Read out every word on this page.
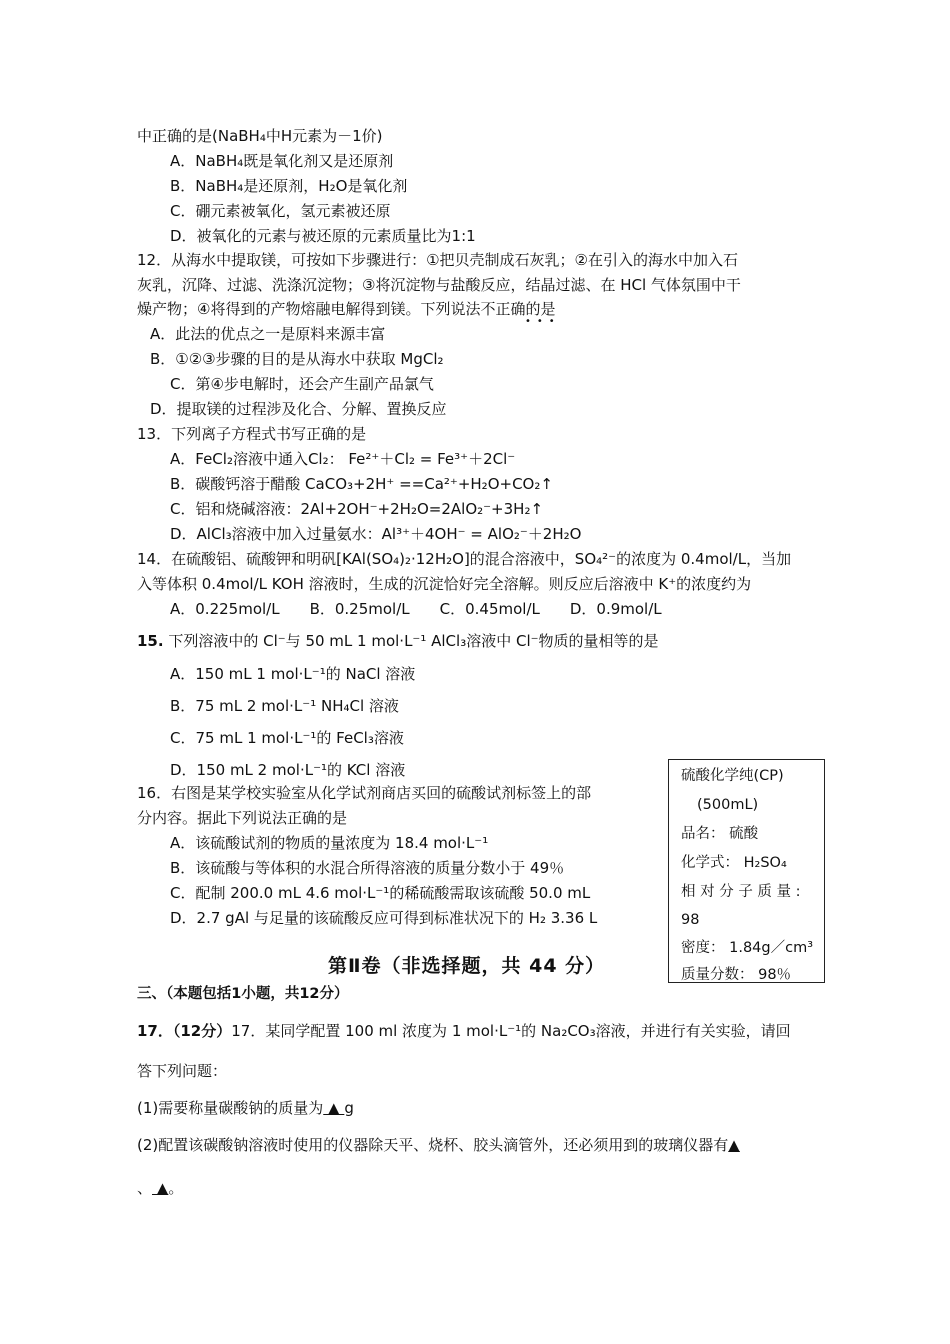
中正确的是(NaBH₄中H元素为－1价)
A．NaBH₄既是氧化剂又是还原剂
B．NaBH₄是还原剂，H₂O是氧化剂
C．硼元素被氧化，氢元素被还原
D．被氧化的元素与被还原的元素质量比为1:1
12．从海水中提取镁，可按如下步骤进行：①把贝壳制成石灰乳；②在引入的海水中加入石
灰乳，沉降、过滤、洗涤沉淀物；③将沉淀物与盐酸反应，结晶过滤、在 HCl 气体氛围中干
燥产物；④将得到的产物熔融电解得到镁。下列说法不正确的是
•••
A．此法的优点之一是原料来源丰富
B．①②③步骤的目的是从海水中获取 MgCl₂
C．第④步电解时，还会产生副产品氯气
D．提取镁的过程涉及化合、分解、置换反应
13．下列离子方程式书写正确的是
A．FeCl₂溶液中通入Cl₂： Fe²⁺＋Cl₂ = Fe³⁺＋2Cl⁻
B．碳酸钙溶于醋酸 CaCO₃+2H⁺ ==Ca²⁺+H₂O+CO₂↑
C．铝和烧碱溶液：2Al+2OH⁻+2H₂O=2AlO₂⁻+3H₂↑
D．AlCl₃溶液中加入过量氨水：Al³⁺＋4OH⁻ = AlO₂⁻＋2H₂O
14．在硫酸铝、硫酸钾和明矾[KAl(SO₄)₂·12H₂O]的混合溶液中，SO₄²⁻的浓度为 0.4mol/L，当加
入等体积 0.4mol/L KOH 溶液时，生成的沉淀恰好完全溶解。则反应后溶液中 K⁺的浓度约为
A．0.225mol/L　　B．0.25mol/L　　C．0.45mol/L　　D．0.9mol/L
15. 下列溶液中的 Cl⁻与 50 mL 1 mol·L⁻¹ AlCl₃溶液中 Cl⁻物质的量相等的是
A．150 mL 1 mol·L⁻¹的 NaCl 溶液
B．75 mL 2 mol·L⁻¹ NH₄Cl 溶液
C．75 mL 1 mol·L⁻¹的 FeCl₃溶液
D．150 mL 2 mol·L⁻¹的 KCl 溶液
16．右图是某学校实验室从化学试剂商店买回的硫酸试剂标签上的部
分内容。据此下列说法正确的是
A．该硫酸试剂的物质的量浓度为 18.4 mol·L⁻¹
B．该硫酸与等体积的水混合所得溶液的质量分数小于 49％
C．配制 200.0 mL 4.6 mol·L⁻¹的稀硫酸需取该硫酸 50.0 mL
D．2.7 gAl 与足量的该硫酸反应可得到标准状况下的 H₂ 3.36 L
硫酸化学纯(CP)
(500mL)
品名： 硫酸
化学式： H₂SO₄
相 对 分 子 质 量 :
98
密度： 1.84g／cm³
质量分数： 98％
第Ⅱ卷（非选择题，共 44 分）
三、（本题包括1小题，共12分）
17．（12分）17．某同学配置 100 ml 浓度为 1 mol·L⁻¹的 Na₂CO₃溶液，并进行有关实验，请回
答下列问题：
(1)需要称量碳酸钠的质量为 ▲ g
(2)配置该碳酸钠溶液时使用的仪器除天平、烧杯、胶头滴管外，还必须用到的玻璃仪器有▲
、 ▲。
